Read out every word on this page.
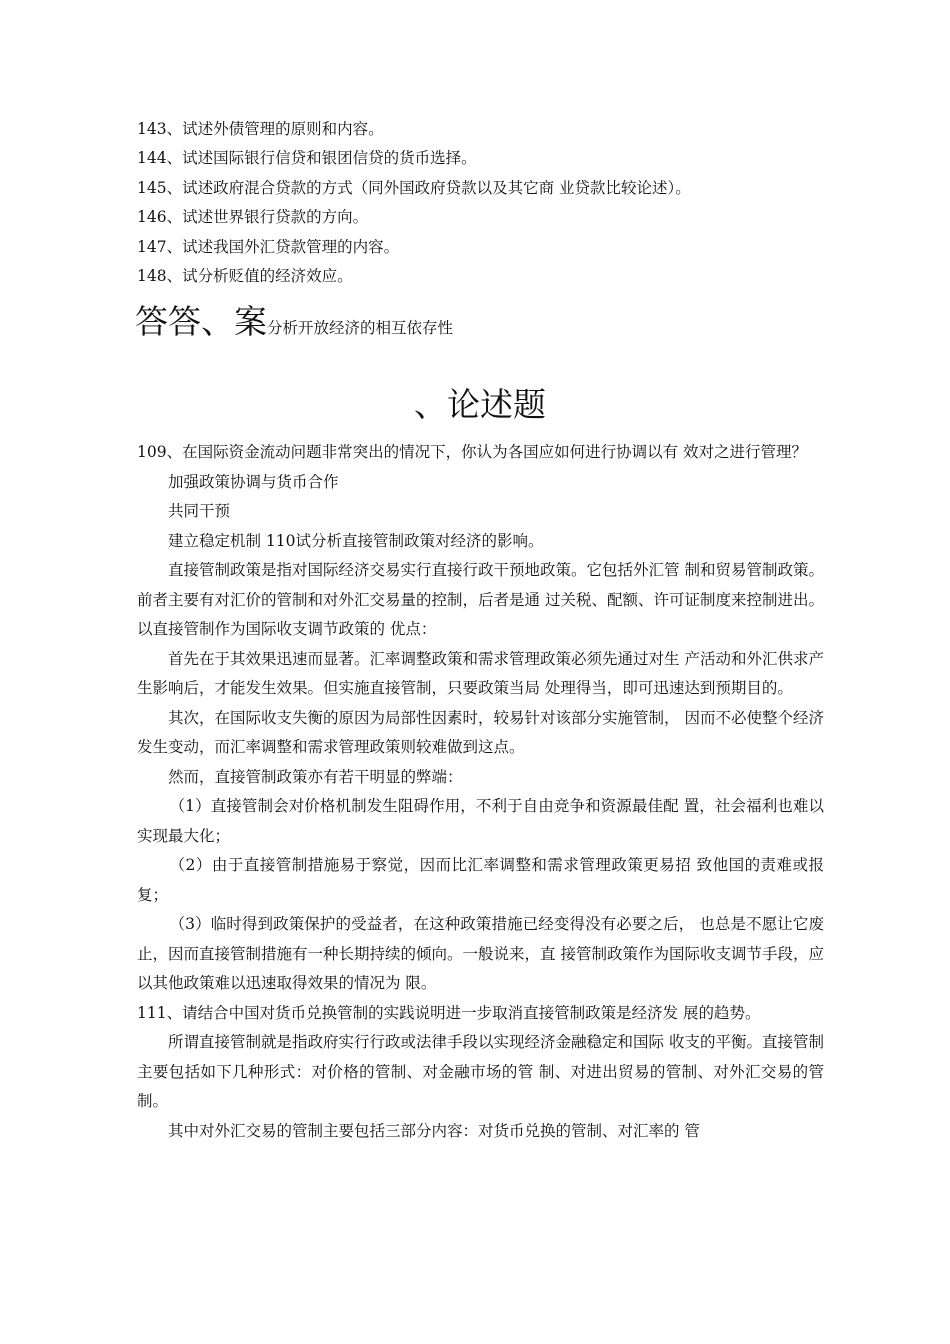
143、试述外债管理的原则和内容。

144、试述国际银行信贷和银团信贷的货币选择。

145、试述政府混合贷款的方式（同外国政府贷款以及其它商 业贷款比较论述）。

146、试述世界银行贷款的方向。

147、试述我国外汇贷款管理的内容。

148、试分析贬值的经济效应。

答答、案分析开放经济的相互依存性
、论述题

109、在国际资金流动问题非常突出的情况下，你认为各国应如何进行协调以有 效对之进行管理？

加强政策协调与货币合作

共同干预

建立稳定机制 110试分析直接管制政策对经济的影响。

直接管制政策是指对国际经济交易实行直接行政干预地政策。它包括外汇管 制和贸易管制政策。前者主要有对汇价的管制和对外汇交易量的控制，后者是通 过关税、配额、许可证制度来控制进出。以直接管制作为国际收支调节政策的 优点：

首先在于其效果迅速而显著。汇率调整政策和需求管理政策必须先通过对生 产活动和外汇供求产生影响后，才能发生效果。但实施直接管制，只要政策当局 处理得当，即可迅速达到预期目的。

其次，在国际收支失衡的原因为局部性因素时，较易针对该部分实施管制， 因而不必使整个经济发生变动，而汇率调整和需求管理政策则较难做到这点。

然而，直接管制政策亦有若干明显的弊端：

（1）直接管制会对价格机制发生阻碍作用，不利于自由竞争和资源最佳配 置，社会福利也难以实现最大化；

（2）由于直接管制措施易于察觉，因而比汇率调整和需求管理政策更易招 致他国的责难或报复；

（3）临时得到政策保护的受益者，在这种政策措施已经变得没有必要之后， 也总是不愿让它废止，因而直接管制措施有一种长期持续的倾向。一般说来，直 接管制政策作为国际收支调节手段，应以其他政策难以迅速取得效果的情况为 限。

111、请结合中国对货币兑换管制的实践说明进一步取消直接管制政策是经济发 展的趋势。

所谓直接管制就是指政府实行行政或法律手段以实现经济金融稳定和国际 收支的平衡。直接管制主要包括如下几种形式：对价格的管制、对金融市场的管 制、对进出贸易的管制、对外汇交易的管制。

其中对外汇交易的管制主要包括三部分内容：对货币兑换的管制、对汇率的 管
